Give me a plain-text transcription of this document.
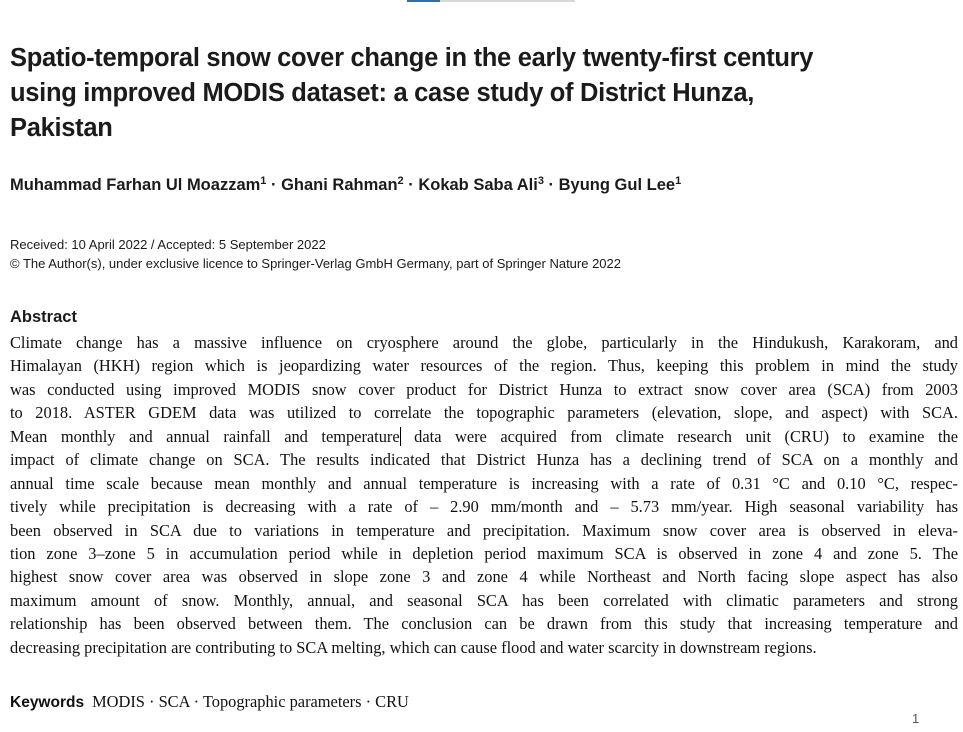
Spatio-temporal snow cover change in the early twenty-first century
using improved MODIS dataset: a case study of District Hunza,
Pakistan
Muhammad Farhan Ul Moazzam$^1$ · Ghani Rahman$^2$ · Kokab Saba Ali$^3$ · Byung Gul Lee$^1$
Received: 10 April 2022 / Accepted: 5 September 2022
© The Author(s), under exclusive licence to Springer-Verlag GmbH Germany, part of Springer Nature 2022
Abstract
Climate change has a massive influence on cryosphere around the globe, particularly in the Hindukush, Karakoram, and
Himalayan (HKH) region which is jeopardizing water resources of the region. Thus, keeping this problem in mind the study
was conducted using improved MODIS snow cover product for District Hunza to extract snow cover area (SCA) from 2003
to 2018. ASTER GDEM data was utilized to correlate the topographic parameters (elevation, slope, and aspect) with SCA.
Mean monthly and annual rainfall and temperature data were acquired from climate research unit (CRU) to examine the
impact of climate change on SCA. The results indicated that District Hunza has a declining trend of SCA on a monthly and
annual time scale because mean monthly and annual temperature is increasing with a rate of 0.31 °C and 0.10 °C, respec-
tively while precipitation is decreasing with a rate of – 2.90 mm/month and – 5.73 mm/year. High seasonal variability has
been observed in SCA due to variations in temperature and precipitation. Maximum snow cover area is observed in eleva-
tion zone 3–zone 5 in accumulation period while in depletion period maximum SCA is observed in zone 4 and zone 5. The
highest snow cover area was observed in slope zone 3 and zone 4 while Northeast and North facing slope aspect has also
maximum amount of snow. Monthly, annual, and seasonal SCA has been correlated with climatic parameters and strong
relationship has been observed between them. The conclusion can be drawn from this study that increasing temperature and
decreasing precipitation are contributing to SCA melting, which can cause flood and water scarcity in downstream regions.
Keywords MODIS · SCA · Topographic parameters · CRU
1
